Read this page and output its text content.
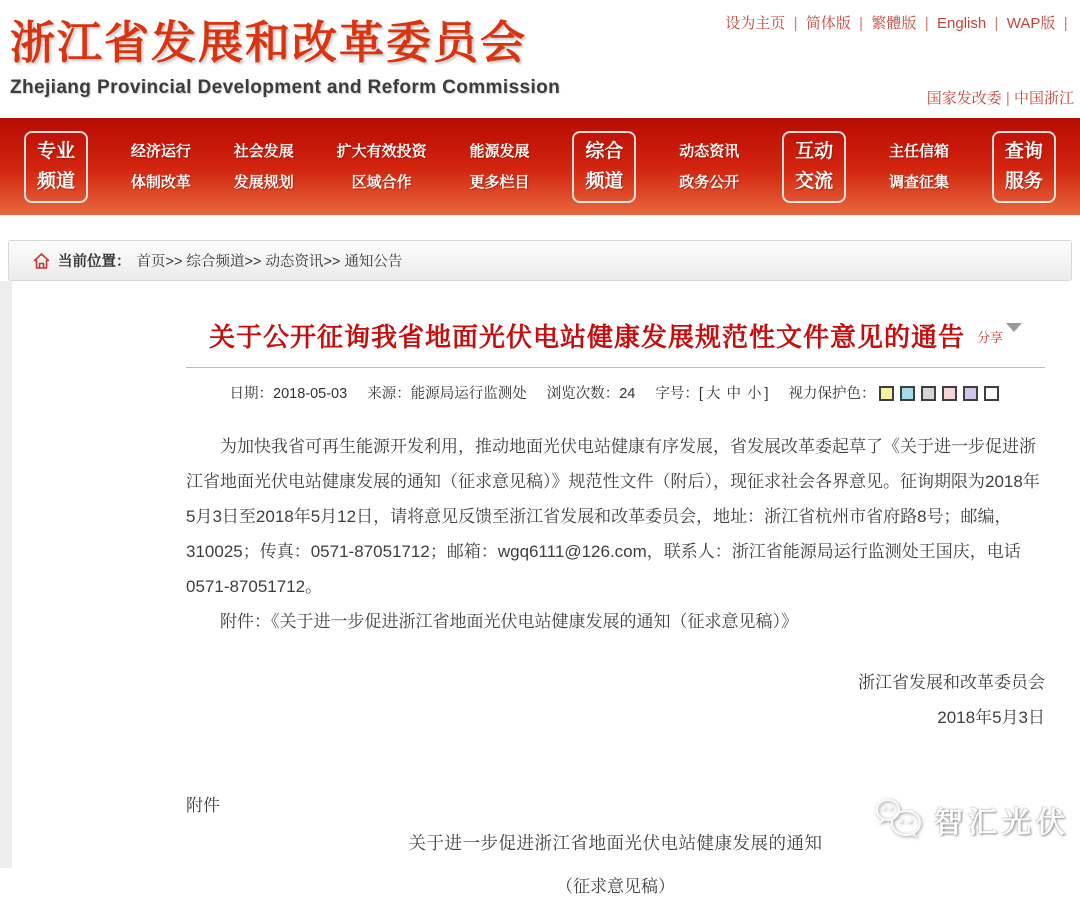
浙江省发展和改革委员会
Zhejiang Provincial Development and Reform Commission
设为主页  | 简体版  | 繁體版  | English  | WAP版  |
国家发改委 | 中国浙江
专业
频道
经济运行
体制改革
社会发展
发展规划
扩大有效投资
区域合作
能源发展
更多栏目
综合
频道
动态资讯
政务公开
互动
交流
主任信箱
调查征集
查询
服务
当前位置： 首页 >>	综合频道 >>	动态资讯 >>	通知公告
关于公开征询我省地面光伏电站健康发展规范性文件意见的通告 $^{分享}$
日期：2018-05-03 来源：能源局运行监测处 浏览次数：24 字号：[ 大 中 小 ] 视力保护色：

为加快我省可再生能源开发利用，推动地面光伏电站健康有序发展，省发展改革委起草了《关于进一步促进浙江省地面光伏电站健康发展的通知（征求意见稿）》规范性文件（附后），现征求社会各界意见。征询期限为2018年5月3日至2018年5月12日，请将意见反馈至浙江省发展和改革委员会，地址：浙江省杭州市省府路8号；邮编，310025；传真：0571-87051712；邮箱：wgq6111@126.com，联系人：浙江省能源局运行监测处王国庆，电话0571-87051712。

附件：《关于进一步促进浙江省地面光伏电站健康发展的通知（征求意见稿）》

浙江省发展和改革委员会
2018年5月3日
附件
关于进一步促进浙江省地面光伏电站健康发展的通知
（征求意见稿）
智汇光伏
